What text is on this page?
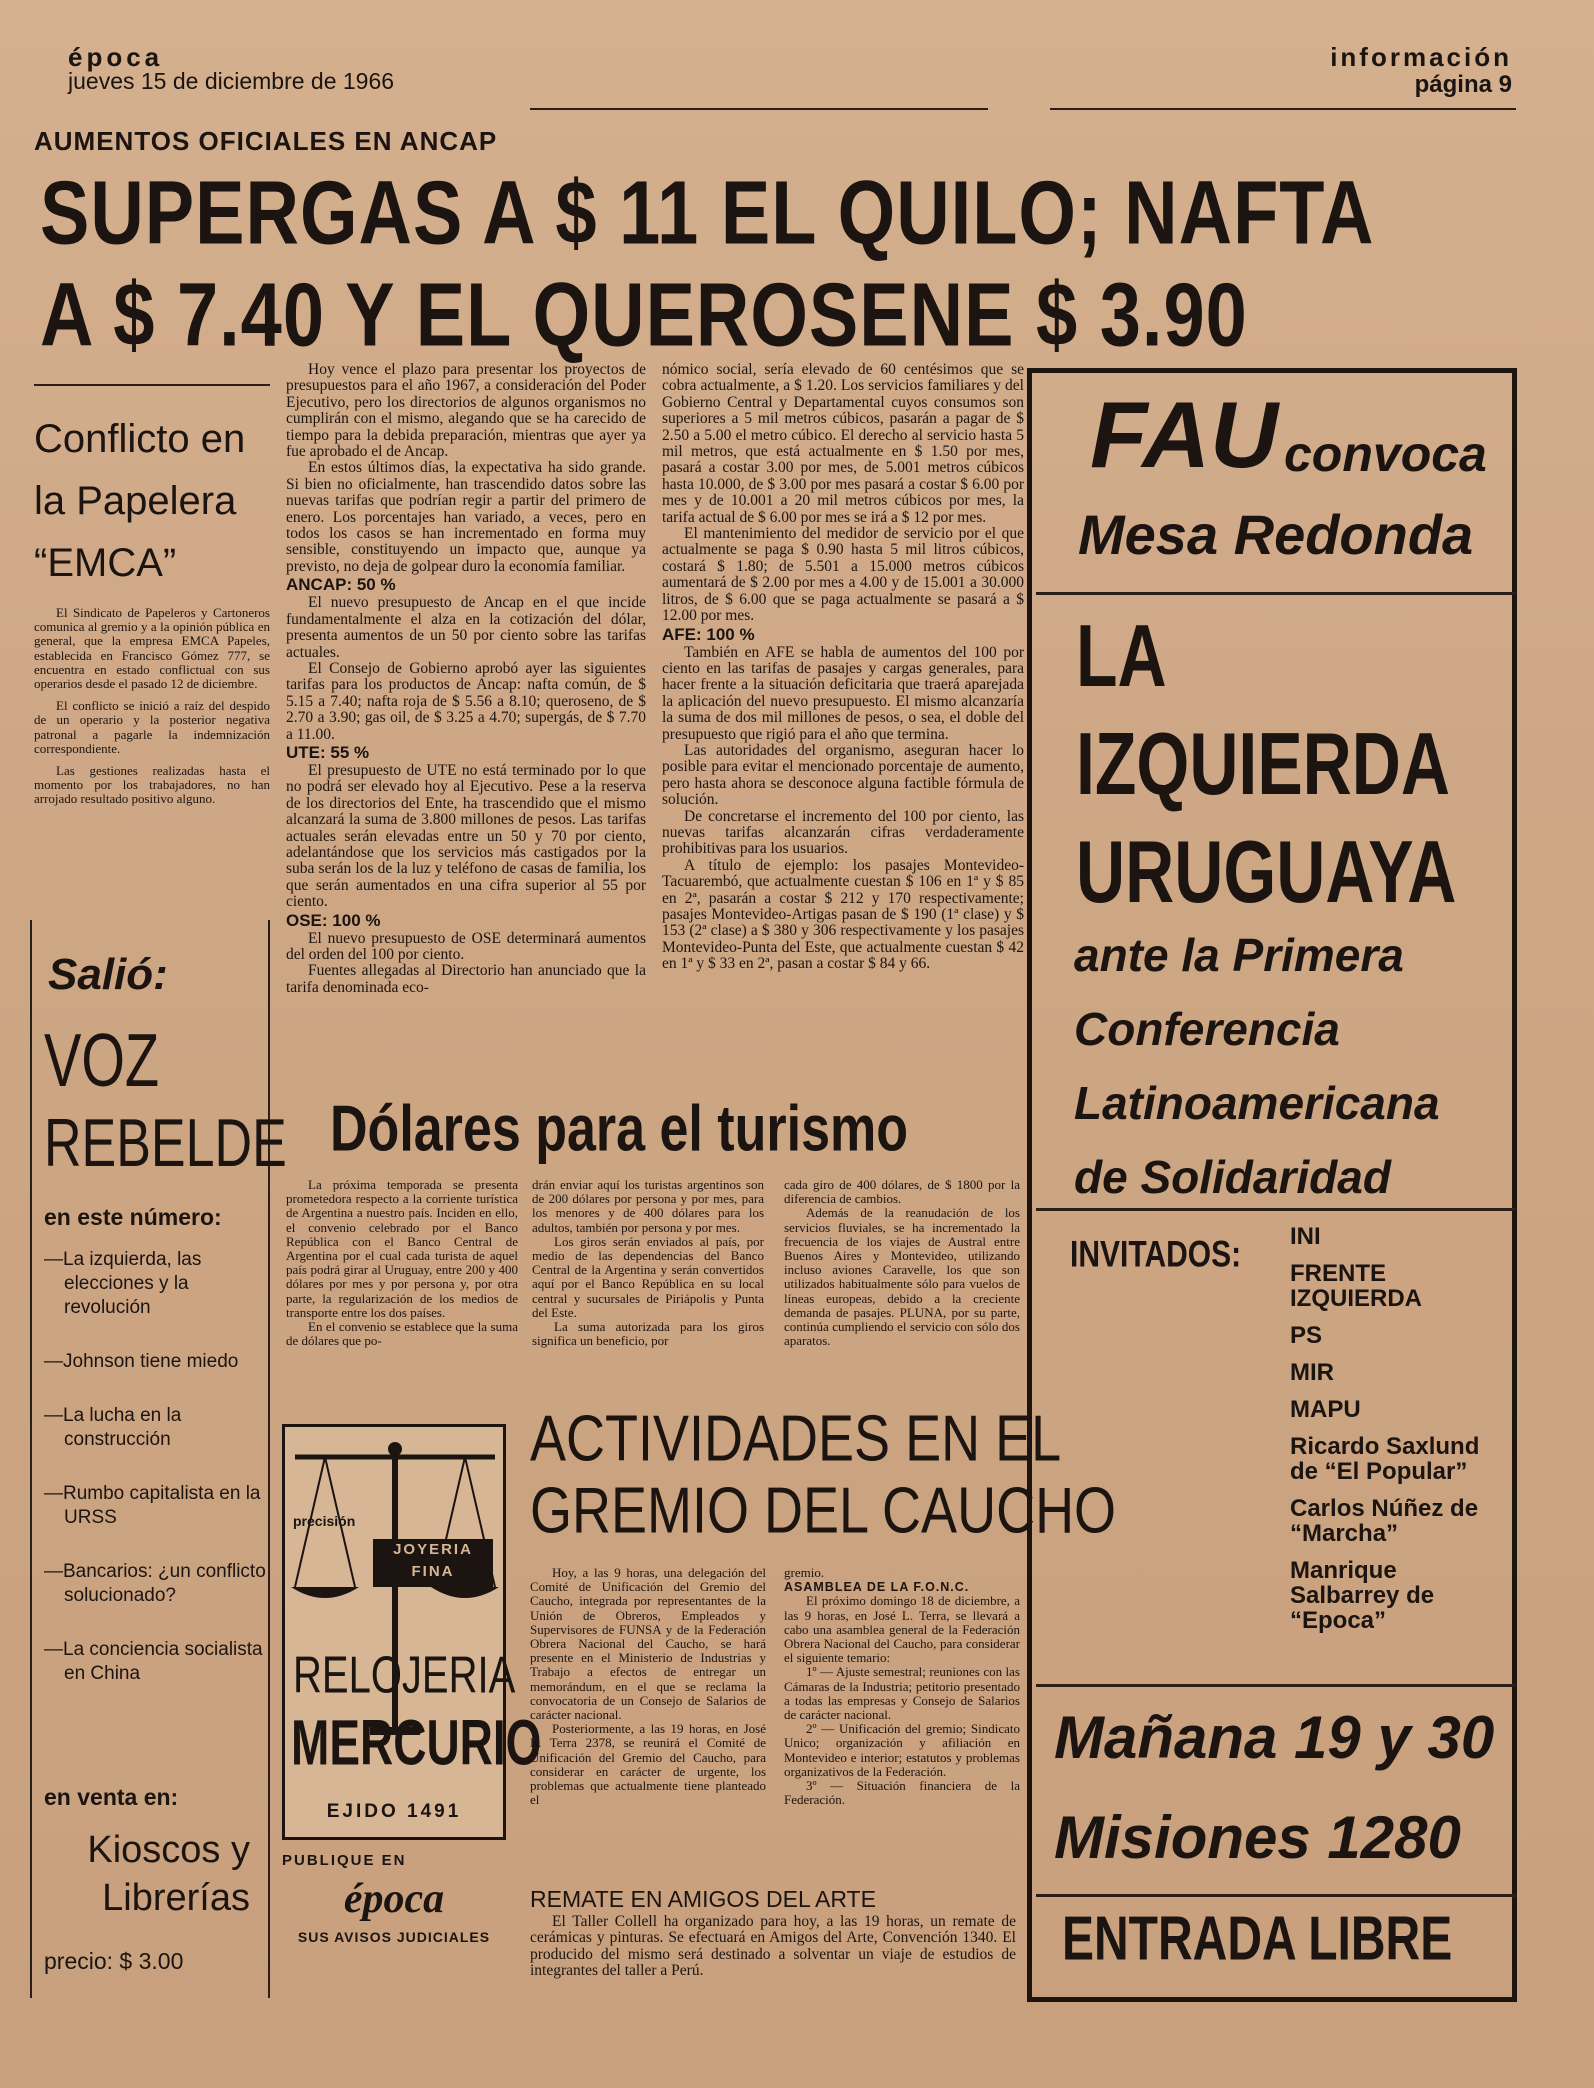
época
jueves 15 de diciembre de 1966
información
página 9
AUMENTOS OFICIALES EN ANCAP
SUPERGAS A $ 11 EL QUILO; NAFTA
A $ 7.40 Y EL QUEROSENE $ 3.90
Conflicto en
la Papelera
“EMCA”

El Sindicato de Papeleros y Cartoneros comunica al gremio y a la opinión pública en general, que la empresa EMCA Papeles, establecida en Francisco Gómez 777, se encuentra en estado conflictual con sus operarios desde el pasado 12 de diciembre.

El conflicto se inició a raíz del despido de un operario y la posterior negativa patronal a pagarle la indemnización correspondiente.

Las gestiones realizadas hasta el momento por los trabajadores, no han arrojado resultado positivo alguno.

Salió:
VOZ
REBELDE
en este número:
—La izquierda, las elecciones y la revolución
—Johnson tiene miedo
—La lucha en la construcción
—Rumbo capitalista en la URSS
—Bancarios: ¿un conflicto solucionado?
—La conciencia socialista en China
en venta en:
Kioscos y
Librerías
precio: $ 3.00

Hoy vence el plazo para presentar los proyectos de presupuestos para el año 1967, a consideración del Poder Ejecutivo, pero los directorios de algunos organismos no cumplirán con el mismo, alegando que se ha carecido de tiempo para la debida preparación, mientras que ayer ya fue aprobado el de Ancap.

En estos últimos días, la expectativa ha sido grande. Si bien no oficialmente, han trascendido datos sobre las nuevas tarifas que podrían regir a partir del primero de enero. Los porcentajes han variado, a veces, pero en todos los casos se han incrementado en forma muy sensible, constituyendo un impacto que, aunque ya previsto, no deja de golpear duro la economía familiar.

ANCAP: 50 %

El nuevo presupuesto de Ancap en el que incide fundamentalmente el alza en la cotización del dólar, presenta aumentos de un 50 por ciento sobre las tarifas actuales.

El Consejo de Gobierno aprobó ayer las siguientes tarifas para los productos de Ancap: nafta común, de $ 5.15 a 7.40; nafta roja de $ 5.56 a 8.10; queroseno, de $ 2.70 a 3.90; gas oil, de $ 3.25 a 4.70; supergás, de $ 7.70 a 11.00.

UTE: 55 %

El presupuesto de UTE no está terminado por lo que no podrá ser elevado hoy al Ejecutivo. Pese a la reserva de los directorios del Ente, ha trascendido que el mismo alcanzará la suma de 3.800 millones de pesos. Las tarifas actuales serán elevadas entre un 50 y 70 por ciento, adelantándose que los servicios más castigados por la suba serán los de la luz y teléfono de casas de familia, los que serán aumentados en una cifra superior al 55 por ciento.

OSE: 100 %

El nuevo presupuesto de OSE determinará aumentos del orden del 100 por ciento.

Fuentes allegadas al Directorio han anunciado que la tarifa denominada eco-

nómico social, sería elevado de 60 centésimos que se cobra actualmente, a $ 1.20. Los servicios familiares y del Gobierno Central y Departamental cuyos consumos son superiores a 5 mil metros cúbicos, pasarán a pagar de $ 2.50 a 5.00 el metro cúbico. El derecho al servicio hasta 5 mil metros, que está actualmente en $ 1.50 por mes, pasará a costar 3.00 por mes, de 5.001 metros cúbicos hasta 10.000, de $ 3.00 por mes pasará a costar $ 6.00 por mes y de 10.001 a 20 mil metros cúbicos por mes, la tarifa actual de $ 6.00 por mes se irá a $ 12 por mes.

El mantenimiento del medidor de servicio por el que actualmente se paga $ 0.90 hasta 5 mil litros cúbicos, costará $ 1.80; de 5.501 a 15.000 metros cúbicos aumentará de $ 2.00 por mes a 4.00 y de 15.001 a 30.000 litros, de $ 6.00 que se paga actualmente se pasará a $ 12.00 por mes.

AFE: 100 %

También en AFE se habla de aumentos del 100 por ciento en las tarifas de pasajes y cargas generales, para hacer frente a la situación deficitaria que traerá aparejada la aplicación del nuevo presupuesto. El mismo alcanzaría la suma de dos mil millones de pesos, o sea, el doble del presupuesto que rigió para el año que termina.

Las autoridades del organismo, aseguran hacer lo posible para evitar el mencionado porcentaje de aumento, pero hasta ahora se desconoce alguna factible fórmula de solución.

De concretarse el incremento del 100 por ciento, las nuevas tarifas alcanzarán cifras verdaderamente prohibitivas para los usuarios.

A título de ejemplo: los pasajes Montevideo-Tacuarembó, que actualmente cuestan $ 106 en 1ª y $ 85 en 2ª, pasarán a costar $ 212 y 170 respectivamente; pasajes Montevideo-Artigas pasan de $ 190 (1ª clase) y $ 153 (2ª clase) a $ 380 y 306 respectivamente y los pasajes Montevideo-Punta del Este, que actualmente cuestan $ 42 en 1ª y $ 33 en 2ª, pasan a costar $ 84 y 66.

Dólares para el turismo

La próxima temporada se presenta prometedora respecto a la corriente turística de Argentina a nuestro país. Inciden en ello, el convenio celebrado por el Banco República con el Banco Central de Argentina por el cual cada turista de aquel país podrá girar al Uruguay, entre 200 y 400 dólares por mes y por persona y, por otra parte, la regularización de los medios de transporte entre los dos países.

En el convenio se establece que la suma de dólares que po-

drán enviar aquí los turistas argentinos son de 200 dólares por persona y por mes, para los menores y de 400 dólares para los adultos, también por persona y por mes.

Los giros serán enviados al país, por medio de las dependencias del Banco Central de la Argentina y serán convertidos aquí por el Banco República en su local central y sucursales de Piriápolis y Punta del Este.

La suma autorizada para los giros significa un beneficio, por

cada giro de 400 dólares, de $ 1800 por la diferencia de cambios.

Además de la reanudación de los servicios fluviales, se ha incrementado la frecuencia de los viajes de Austral entre Buenos Aires y Montevideo, utilizando incluso aviones Caravelle, los que son utilizados habitualmente sólo para vuelos de líneas europeas, debido a la creciente demanda de pasajes. PLUNA, por su parte, continúa cumpliendo el servicio con sólo dos aparatos.

precisión
JOYERIA
FINA
RELOJERIA
MERCURIO
EJIDO 1491
PUBLIQUE EN
época
SUS AVISOS JUDICIALES
ACTIVIDADES EN EL
GREMIO DEL CAUCHO

Hoy, a las 9 horas, una delegación del Comité de Unificación del Gremio del Caucho, integrada por representantes de la Unión de Obreros, Empleados y Supervisores de FUNSA y de la Federación Obrera Nacional del Caucho, se hará presente en el Ministerio de Industrias y Trabajo a efectos de entregar un memorándum, en el que se reclama la convocatoria de un Consejo de Salarios de carácter nacional.

Posteriormente, a las 19 horas, en José L. Terra 2378, se reunirá el Comité de Unificación del Gremio del Caucho, para considerar en carácter de urgente, los problemas que actualmente tiene planteado el

gremio.

ASAMBLEA DE LA F.O.N.C.

El próximo domingo 18 de diciembre, a las 9 horas, en José L. Terra, se llevará a cabo una asamblea general de la Federación Obrera Nacional del Caucho, para considerar el siguiente temario:

1º — Ajuste semestral; reuniones con las Cámaras de la Industria; petitorio presentado a todas las empresas y Consejo de Salarios de carácter nacional.

2º — Unificación del gremio; Sindicato Unico; organización y afiliación en Montevideo e interior; estatutos y problemas organizativos de la Federación.

3º — Situación financiera de la Federación.

REMATE EN AMIGOS DEL ARTE

El Taller Collell ha organizado para hoy, a las 19 horas, un remate de cerámicas y pinturas. Se efectuará en Amigos del Arte, Convención 1340. El producido del mismo será destinado a solventar un viaje de estudios de integrantes del taller a Perú.

FAU convoca
Mesa Redonda
LA
IZQUIERDA
URUGUAYA
ante la Primera
Conferencia
Latinoamericana
de Solidaridad
INVITADOS:	INI
FRENTE IZQUIERDA
PS
MIR
MAPU
Ricardo Saxlund de “El Popular”
Carlos Núñez de “Marcha”
Manrique Salbarrey de “Epoca”
Mañana 19 y 30
Misiones 1280
ENTRADA LIBRE
